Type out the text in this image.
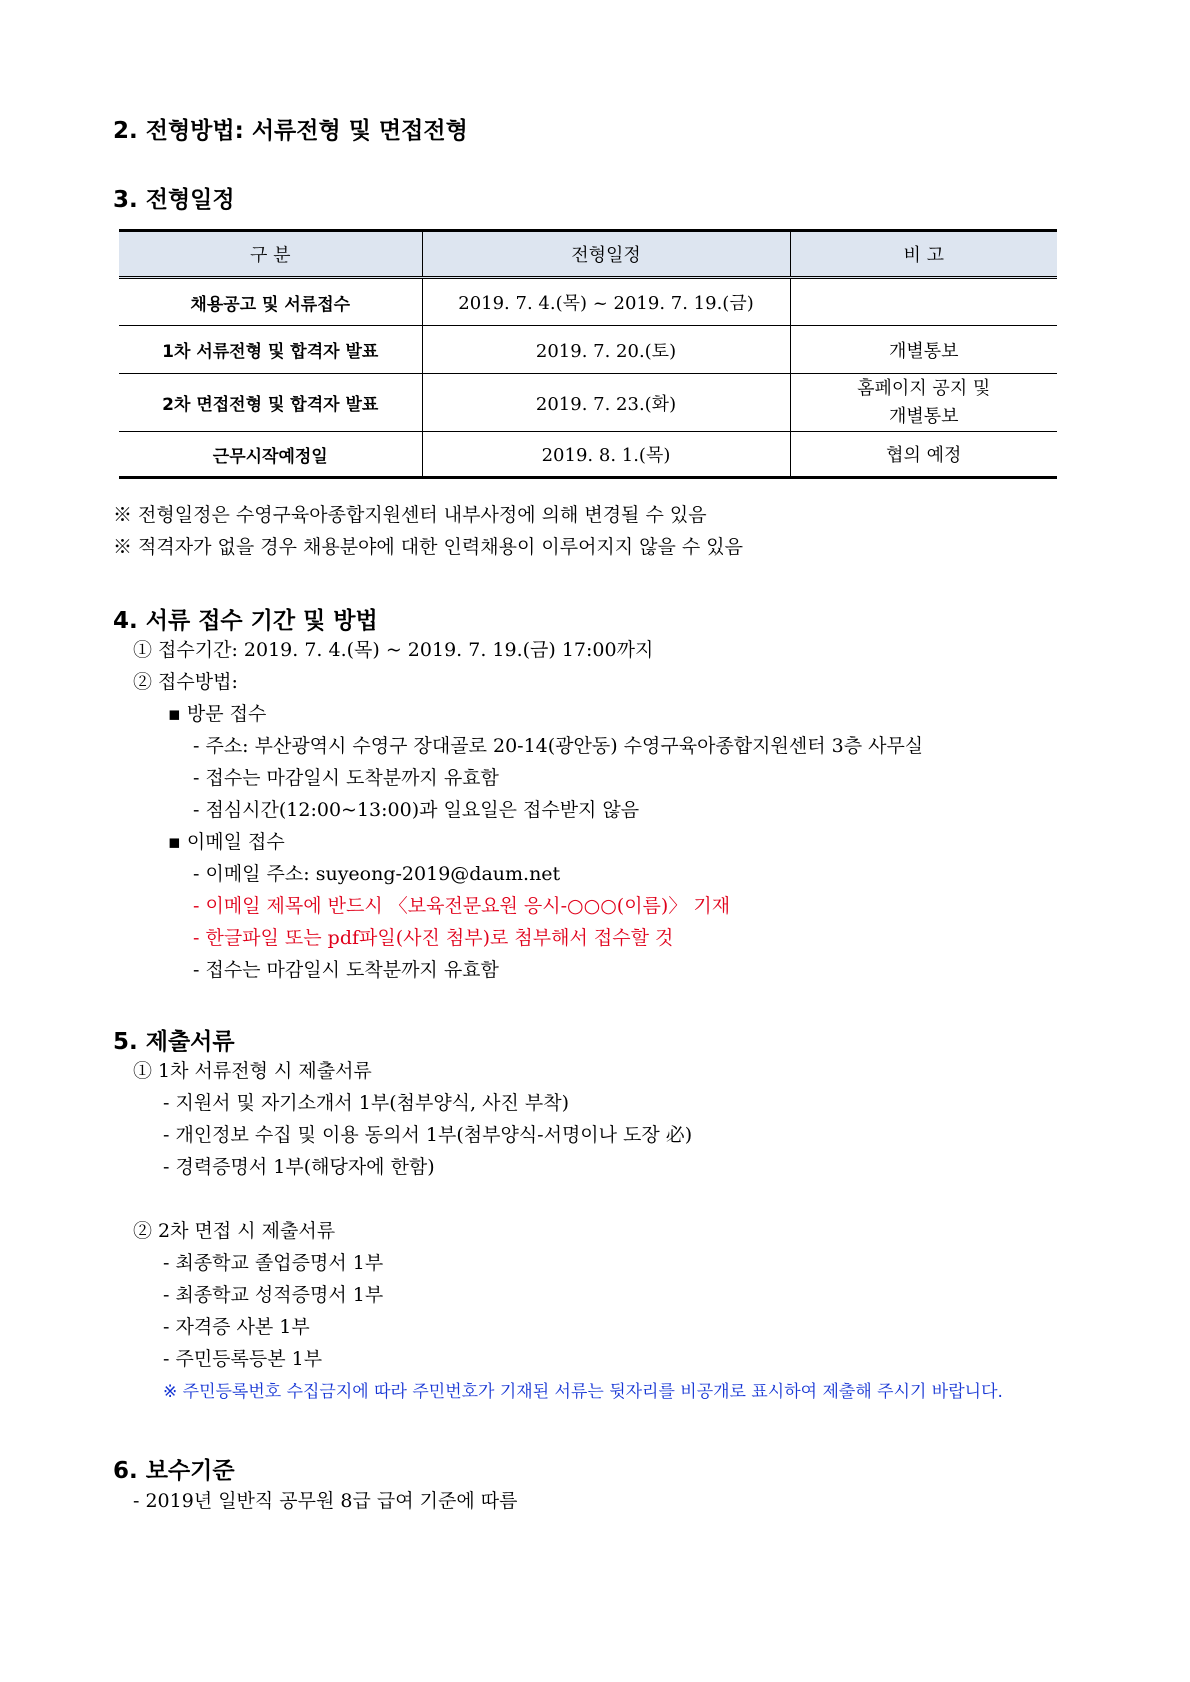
2. 전형방법: 서류전형 및 면접전형
3. 전형일정
구 분	전형일정	비 고
채용공고 및 서류접수	2019. 7. 4.(목) ~ 2019. 7. 19.(금)	
1차 서류전형 및 합격자 발표	2019. 7. 20.(토)	개별통보
2차 면접전형 및 합격자 발표	2019. 7. 23.(화)	홈페이지 공지 및
개별통보

근무시작예정일	2019. 8. 1.(목)	협의 예정
※ 전형일정은 수영구육아종합지원센터 내부사정에 의해 변경될 수 있음
※ 적격자가 없을 경우 채용분야에 대한 인력채용이 이루어지지 않을 수 있음
4. 서류 접수 기간 및 방법
① 접수기간: 2019. 7. 4.(목) ~ 2019. 7. 19.(금) 17:00까지
② 접수방법:
▪ 방문 접수
- 주소: 부산광역시 수영구 장대골로 20-14(광안동) 수영구육아종합지원센터 3층 사무실
- 접수는 마감일시 도착분까지 유효함
- 점심시간(12:00~13:00)과 일요일은 접수받지 않음
▪ 이메일 접수
- 이메일 주소: suyeong-2019@daum.net
- 이메일 제목에 반드시 〈보육전문요원 응시-○○○(이름)〉 기재
- 한글파일 또는 pdf파일(사진 첨부)로 첨부해서 접수할 것
- 접수는 마감일시 도착분까지 유효함
5. 제출서류
① 1차 서류전형 시 제출서류
- 지원서 및 자기소개서 1부(첨부양식, 사진 부착)
- 개인정보 수집 및 이용 동의서 1부(첨부양식-서명이나 도장 必)
- 경력증명서 1부(해당자에 한함)
② 2차 면접 시 제출서류
- 최종학교 졸업증명서 1부
- 최종학교 성적증명서 1부
- 자격증 사본 1부
- 주민등록등본 1부
※ 주민등록번호 수집금지에 따라 주민번호가 기재된 서류는 뒷자리를 비공개로 표시하여 제출해 주시기 바랍니다.
6. 보수기준
- 2019년 일반직 공무원 8급 급여 기준에 따름
